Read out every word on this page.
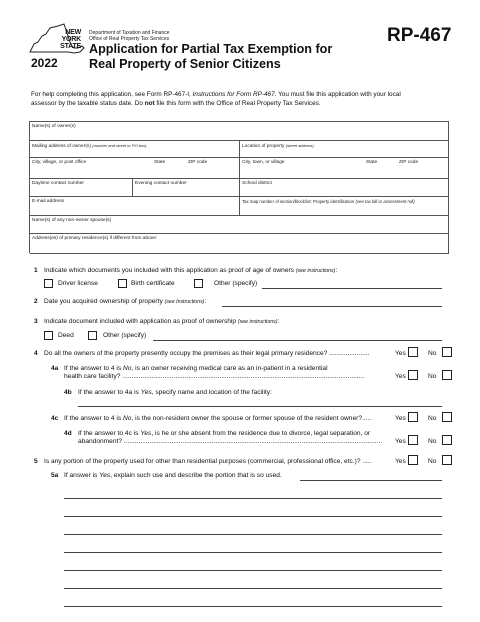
NEW
YORK
STATE
2022
Department of Taxation and Finance
Office of Real Property Tax Services
Application for Partial Tax Exemption for
Real Property of Senior Citizens
RP-467
For help completing this application, see Form RP-467-I, Instructions for Form RP-467. You must file this application with your local
assessor by the taxable status date. Do not file this form with the Office of Real Property Tax Services.
Name(s) of owner(s)
Mailing address of owner(s) (number and street or PO box)	Location of property (street address)
City, village, or post office	State	ZIP code	City, town, or village	State	ZIP code
Daytime contact number	Evening contact number	School district
E-mail address	Tax map number of section/block/lot: Property identification (see tax bill or assessment roll)
Name(s) of any non-owner spouse(s)
Address(es) of primary residence(s) if different from above:
1 Indicate which documents you included with this application as proof of age of owners (see instructions):
Driver license	Birth certificate	Other (specify)
2 Date you acquired ownership of property (see Instructions):
3 Indicate document included with application as proof of ownership (see instructions):
Deed	Other (specify)
4 Do all the owners of the property presently occupy the premises as their legal primary residence? ......................	Yes	No
4a If the answer to 4 is No, is an owner receiving medical care as an in-patient in a residential
health care facility? ....................................................................................................................................	Yes	No
4b If the answer to 4a is Yes, specify name and location of the facility:
4c If the answer to 4 is No, is the non-resident owner the spouse or former spouse of the resident owner?.....	Yes	No
4d If the answer to 4c is Yes, is he or she absent from the residence due to divorce, legal separation, or
abandonment? .............................................................................................................................................	Yes	No
5 Is any portion of the property used for other than residential purposes (commercial, professional office, etc.)? .....	Yes	No
5a If answer is Yes, explain such use and describe the portion that is so used.
